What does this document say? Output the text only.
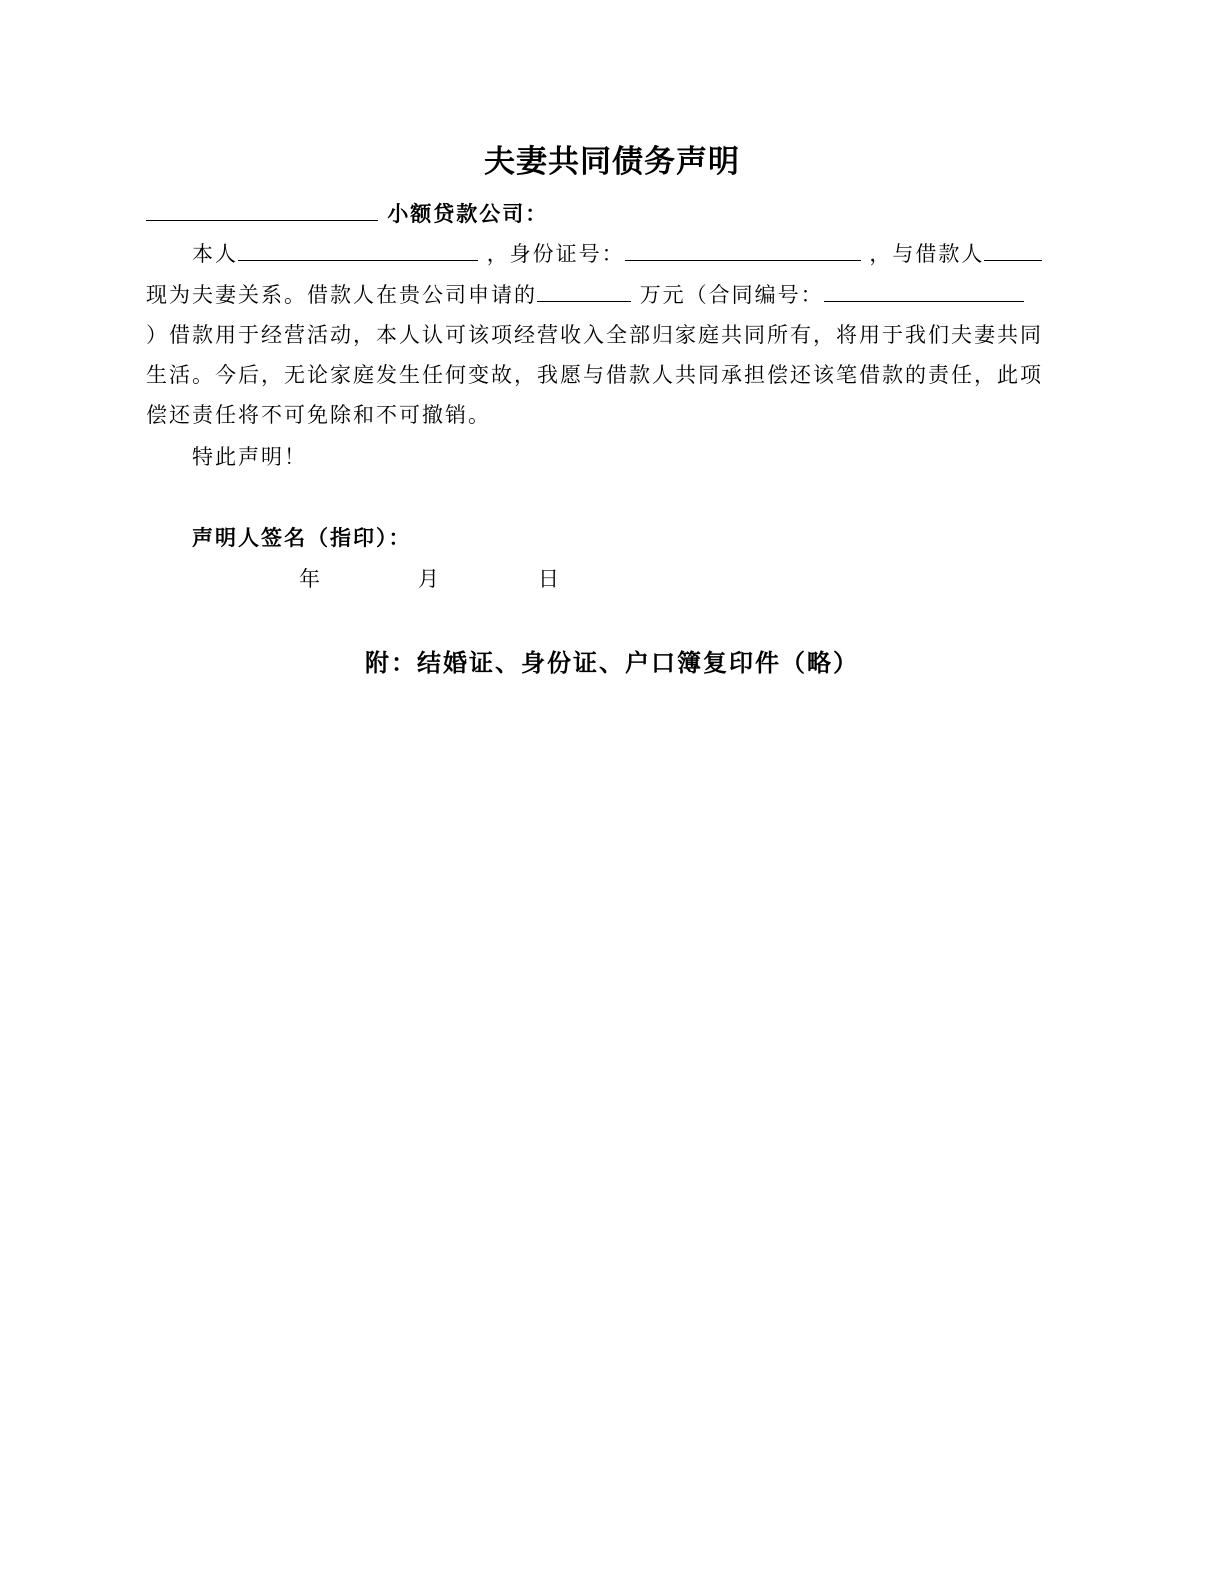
夫妻共同债务声明
小额贷款公司：
本人	，身份证号：	，与借款人
现为夫妻关系。借款人在贵公司申请的	万元（合同编号：
）借款用于经营活动，本人认可该项经营收入全部归家庭共同所有，将用于我们夫妻共同
生活。今后，无论家庭发生任何变故，我愿与借款人共同承担偿还该笔借款的责任，此项
偿还责任将不可免除和不可撤销。
特此声明！
声明人签名（指印）：
年	月	日
附：结婚证、身份证、户口簿复印件（略）
